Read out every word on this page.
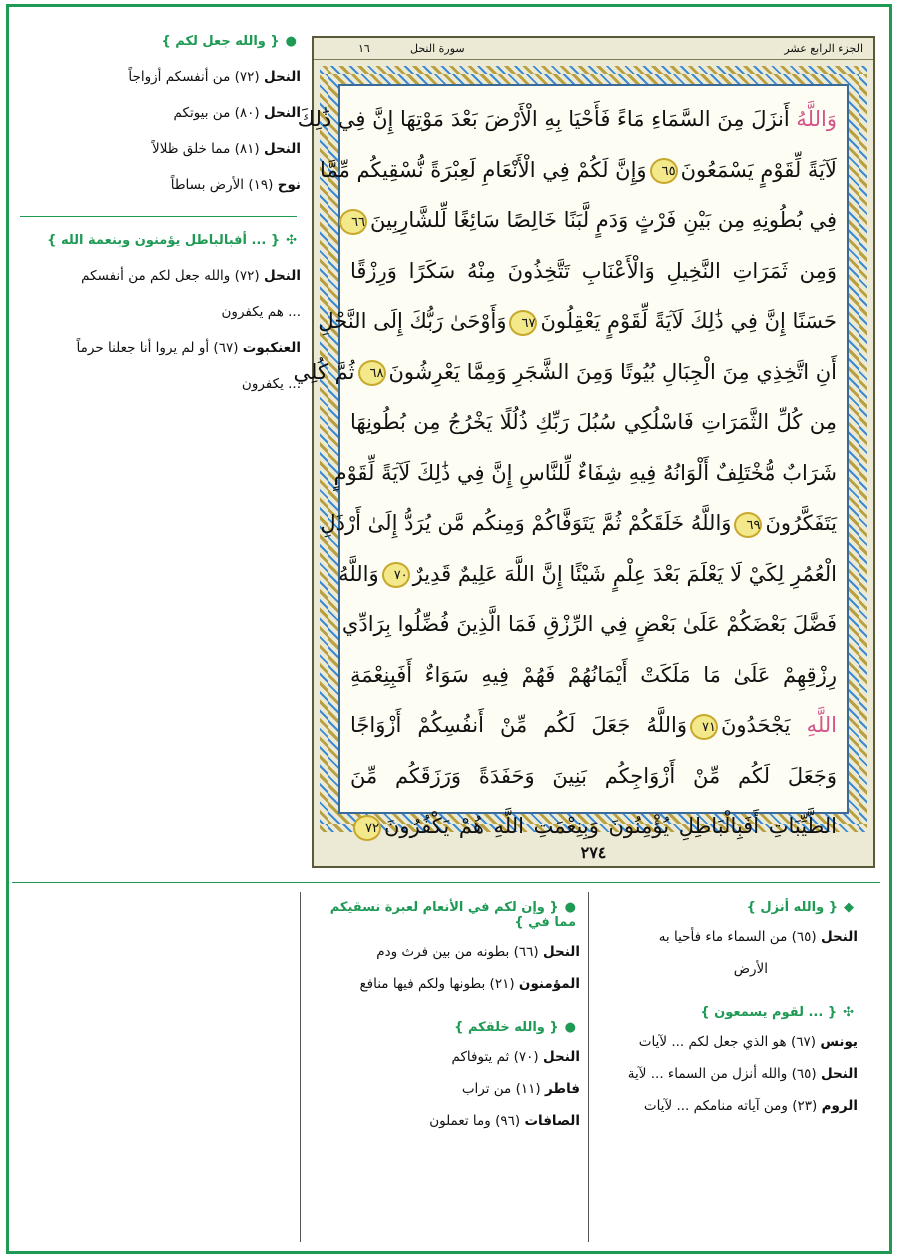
●{ والله جعل لكم }
النحل (٧٢) من أنفسكم أزواجاً
النحل (٨٠) من بيوتكم
النحل (٨١) مما خلق ظلالاً
نوح (١٩) الأرض بساطاً
✣{ ... أفبالباطل يؤمنون وبنعمة الله }
النحل (٧٢) والله جعل لكم من أنفسكم
... هم يكفرون
العنكبوت (٦٧) أو لم يروا أنا جعلنا حرماً
... يكفرون
الجزء الرابع عشر
سورة النحل
١٦
وَاللَّهُ أَنزَلَ مِنَ السَّمَاءِ مَاءً فَأَحْيَا بِهِ الْأَرْضَ بَعْدَ مَوْتِهَا إِنَّ فِي ذَٰلِكَ
لَآيَةً لِّقَوْمٍ يَسْمَعُونَ٦٥وَإِنَّ لَكُمْ فِي الْأَنْعَامِ لَعِبْرَةً نُّسْقِيكُم مِّمَّا
فِي بُطُونِهِ مِن بَيْنِ فَرْثٍ وَدَمٍ لَّبَنًا خَالِصًا سَائِغًا لِّلشَّارِبِينَ٦٦
وَمِن ثَمَرَاتِ النَّخِيلِ وَالْأَعْنَابِ تَتَّخِذُونَ مِنْهُ سَكَرًا وَرِزْقًا
حَسَنًا إِنَّ فِي ذَٰلِكَ لَآيَةً لِّقَوْمٍ يَعْقِلُونَ٦٧وَأَوْحَىٰ رَبُّكَ إِلَى النَّحْلِ
أَنِ اتَّخِذِي مِنَ الْجِبَالِ بُيُوتًا وَمِنَ الشَّجَرِ وَمِمَّا يَعْرِشُونَ٦٨ثُمَّ كُلِي
مِن كُلِّ الثَّمَرَاتِ فَاسْلُكِي سُبُلَ رَبِّكِ ذُلُلًا يَخْرُجُ مِن بُطُونِهَا
شَرَابٌ مُّخْتَلِفٌ أَلْوَانُهُ فِيهِ شِفَاءٌ لِّلنَّاسِ إِنَّ فِي ذَٰلِكَ لَآيَةً لِّقَوْمٍ
يَتَفَكَّرُونَ٦٩وَاللَّهُ خَلَقَكُمْ ثُمَّ يَتَوَفَّاكُمْ وَمِنكُم مَّن يُرَدُّ إِلَىٰ أَرْذَلِ
الْعُمُرِ لِكَيْ لَا يَعْلَمَ بَعْدَ عِلْمٍ شَيْئًا إِنَّ اللَّهَ عَلِيمٌ قَدِيرٌ٧٠وَاللَّهُ
فَضَّلَ بَعْضَكُمْ عَلَىٰ بَعْضٍ فِي الرِّزْقِ فَمَا الَّذِينَ فُضِّلُوا بِرَادِّي
رِزْقِهِمْ عَلَىٰ مَا مَلَكَتْ أَيْمَانُهُمْ فَهُمْ فِيهِ سَوَاءٌ أَفَبِنِعْمَةِ
اللَّهِ يَجْحَدُونَ٧١وَاللَّهُ جَعَلَ لَكُم مِّنْ أَنفُسِكُمْ أَزْوَاجًا
وَجَعَلَ لَكُم مِّنْ أَزْوَاجِكُم بَنِينَ وَحَفَدَةً وَرَزَقَكُم مِّنَ
الطَّيِّبَاتِ أَفَبِالْبَاطِلِ يُؤْمِنُونَ وَبِنِعْمَتِ اللَّهِ هُمْ يَكْفُرُونَ٧٢
٢٧٤
◆{ والله أنزل }
النحل (٦٥) من السماء ماء فأحيا به
الأرض
✣{ ... لقوم يسمعون }
يونس (٦٧) هو الذي جعل لكم ... لآيات
النحل (٦٥) والله أنزل من السماء ... لآية
الروم (٢٣) ومن آياته منامكم ... لآيات
●{ وإن لكم في الأنعام لعبرة نسقيكم مما في }
النحل (٦٦) بطونه من بين فرث ودم
المؤمنون (٢١) بطونها ولكم فيها منافع
●{ والله خلقكم }
النحل (٧٠) ثم يتوفاكم
فاطر (١١) من تراب
الصافات (٩٦) وما تعملون
